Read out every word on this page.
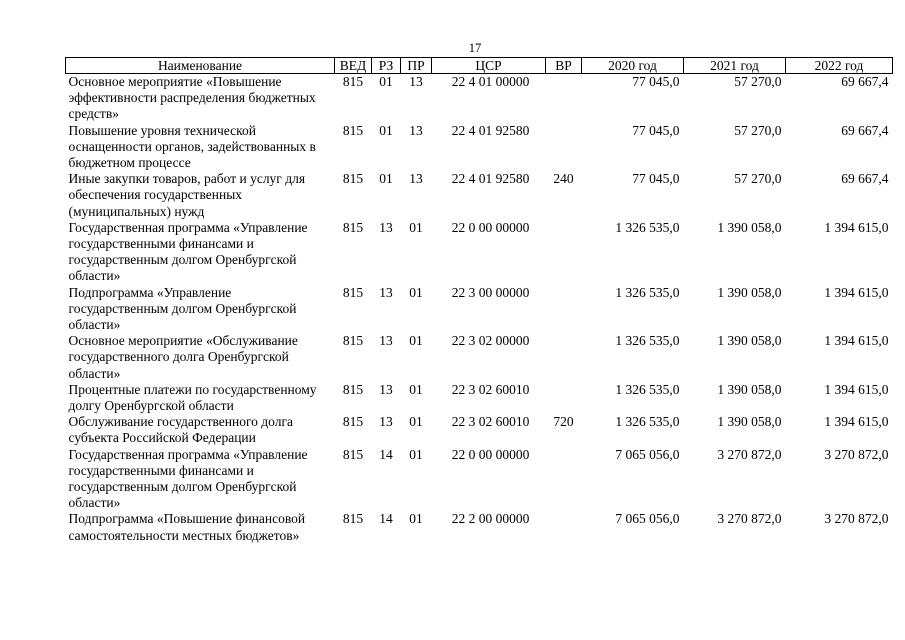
17
Наименование	ВЕД	РЗ	ПР	ЦСР	ВР	2020 год	2021 год	2022 год
Основное мероприятие «Повышение эффективности распределения бюджетных средств»	815	01	13	22 4 01 00000		77 045,0	57 270,0	69 667,4
Повышение уровня технической оснащенности органов, задействованных в бюджетном процессе	815	01	13	22 4 01 92580		77 045,0	57 270,0	69 667,4
Иные закупки товаров, работ и услуг для обеспечения государственных (муниципальных) нужд	815	01	13	22 4 01 92580	240	77 045,0	57 270,0	69 667,4
Государственная программа «Управление государственными финансами и государственным долгом Оренбургской области»	815	13	01	22 0 00 00000		1 326 535,0	1 390 058,0	1 394 615,0
Подпрограмма «Управление государственным долгом Оренбургской области»	815	13	01	22 3 00 00000		1 326 535,0	1 390 058,0	1 394 615,0
Основное мероприятие «Обслуживание государственного долга Оренбургской области»	815	13	01	22 3 02 00000		1 326 535,0	1 390 058,0	1 394 615,0
Процентные платежи по государственному долгу Оренбургской области	815	13	01	22 3 02 60010		1 326 535,0	1 390 058,0	1 394 615,0
Обслуживание государственного долга субъекта Российской Федерации	815	13	01	22 3 02 60010	720	1 326 535,0	1 390 058,0	1 394 615,0
Государственная программа «Управление государственными финансами и государственным долгом Оренбургской области»	815	14	01	22 0 00 00000		7 065 056,0	3 270 872,0	3 270 872,0
Подпрограмма «Повышение финансовой самостоятельности местных бюджетов»	815	14	01	22 2 00 00000		7 065 056,0	3 270 872,0	3 270 872,0
